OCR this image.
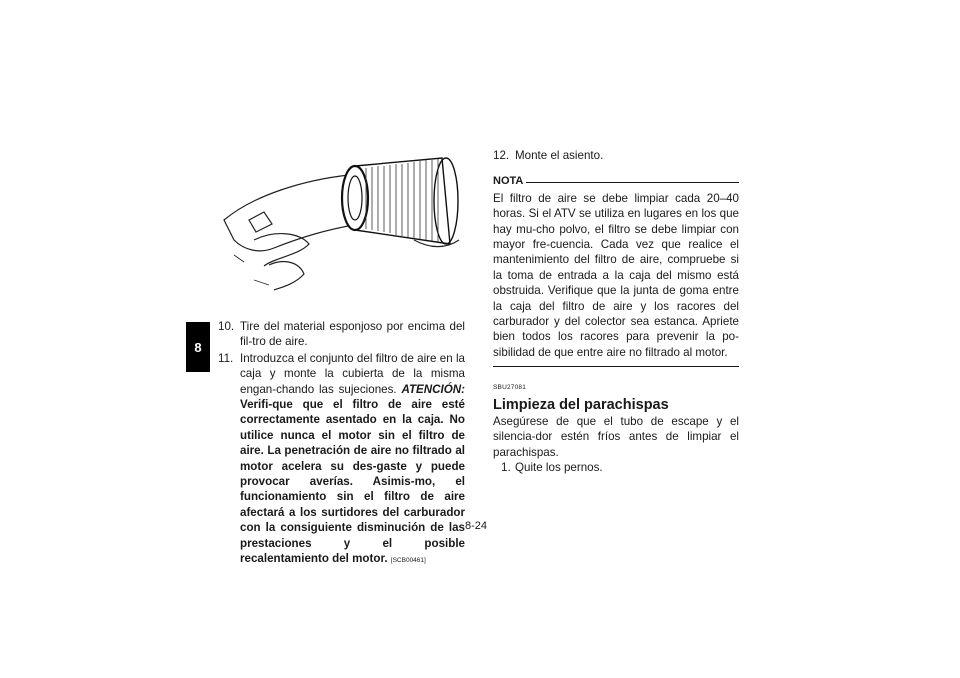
8
10. Tire del material esponjoso por encima del fil-tro de aire.
11. Introduzca el conjunto del filtro de aire en la caja y monte la cubierta de la misma engan-chando las sujeciones. ATENCIÓN: Verifi-que que el filtro de aire esté correctamente asentado en la caja. No utilice nunca el motor sin el filtro de aire. La penetración de aire no filtrado al motor acelera su des-gaste y puede provocar averías. Asimis-mo, el funcionamiento sin el filtro de aire afectará a los surtidores del carburador con la consiguiente disminución de las prestaciones y el posible recalentamiento del motor. [SCB00461]
12. Monte el asiento.
NOTA
El filtro de aire se debe limpiar cada 20–40 horas. Si el ATV se utiliza en lugares en los que hay mu-cho polvo, el filtro se debe limpiar con mayor fre-cuencia. Cada vez que realice el mantenimiento del filtro de aire, compruebe si la toma de entrada a la caja del mismo está obstruida. Verifique que la junta de goma entre la caja del filtro de aire y los racores del carburador y del colector sea estanca. Apriete bien todos los racores para prevenir la po-sibilidad de que entre aire no filtrado al motor.
SBU27081
Limpieza del parachispas
Asegúrese de que el tubo de escape y el silencia-dor estén fríos antes de limpiar el parachispas.
1. Quite los pernos.
8-24
